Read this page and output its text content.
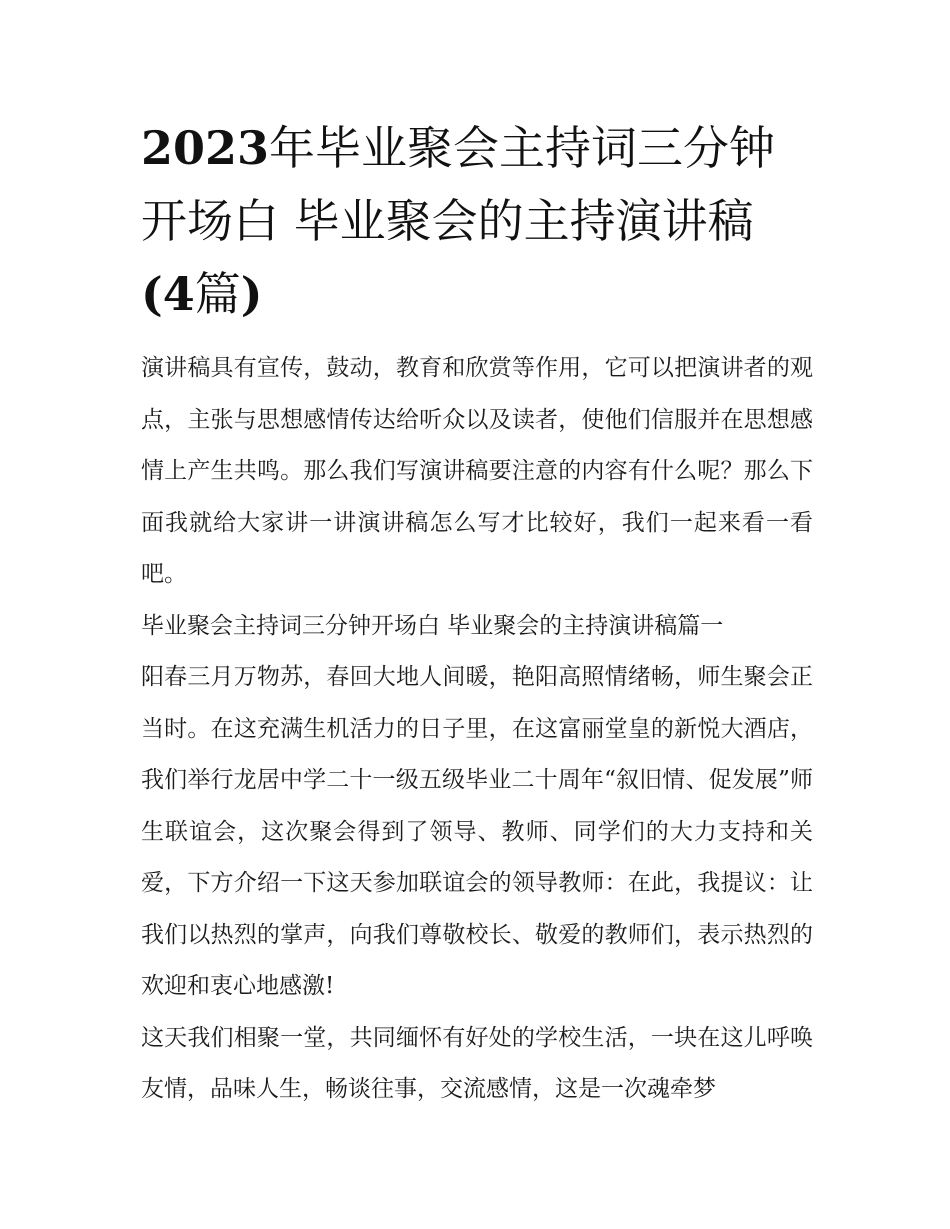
2023年毕业聚会主持词三分钟
开场白 毕业聚会的主持演讲稿
(4篇)

演讲稿具有宣传，鼓动，教育和欣赏等作用，它可以把演讲者的观点，主张与思想感情传达给听众以及读者，使他们信服并在思想感情上产生共鸣。那么我们写演讲稿要注意的内容有什么呢？那么下面我就给大家讲一讲演讲稿怎么写才比较好，我们一起来看一看吧。

毕业聚会主持词三分钟开场白 毕业聚会的主持演讲稿篇一

阳春三月万物苏，春回大地人间暖，艳阳高照情绪畅，师生聚会正当时。在这充满生机活力的日子里，在这富丽堂皇的新悦大酒店，我们举行龙居中学二十一级五级毕业二十周年“叙旧情、促发展”师生联谊会，这次聚会得到了领导、教师、同学们的大力支持和关爱，下方介绍一下这天参加联谊会的领导教师：在此，我提议：让我们以热烈的掌声，向我们尊敬校长、敬爱的教师们，表示热烈的欢迎和衷心地感激!

这天我们相聚一堂，共同缅怀有好处的学校生活，一块在这儿呼唤友情，品味人生，畅谈往事，交流感情，这是一次魂牵梦
